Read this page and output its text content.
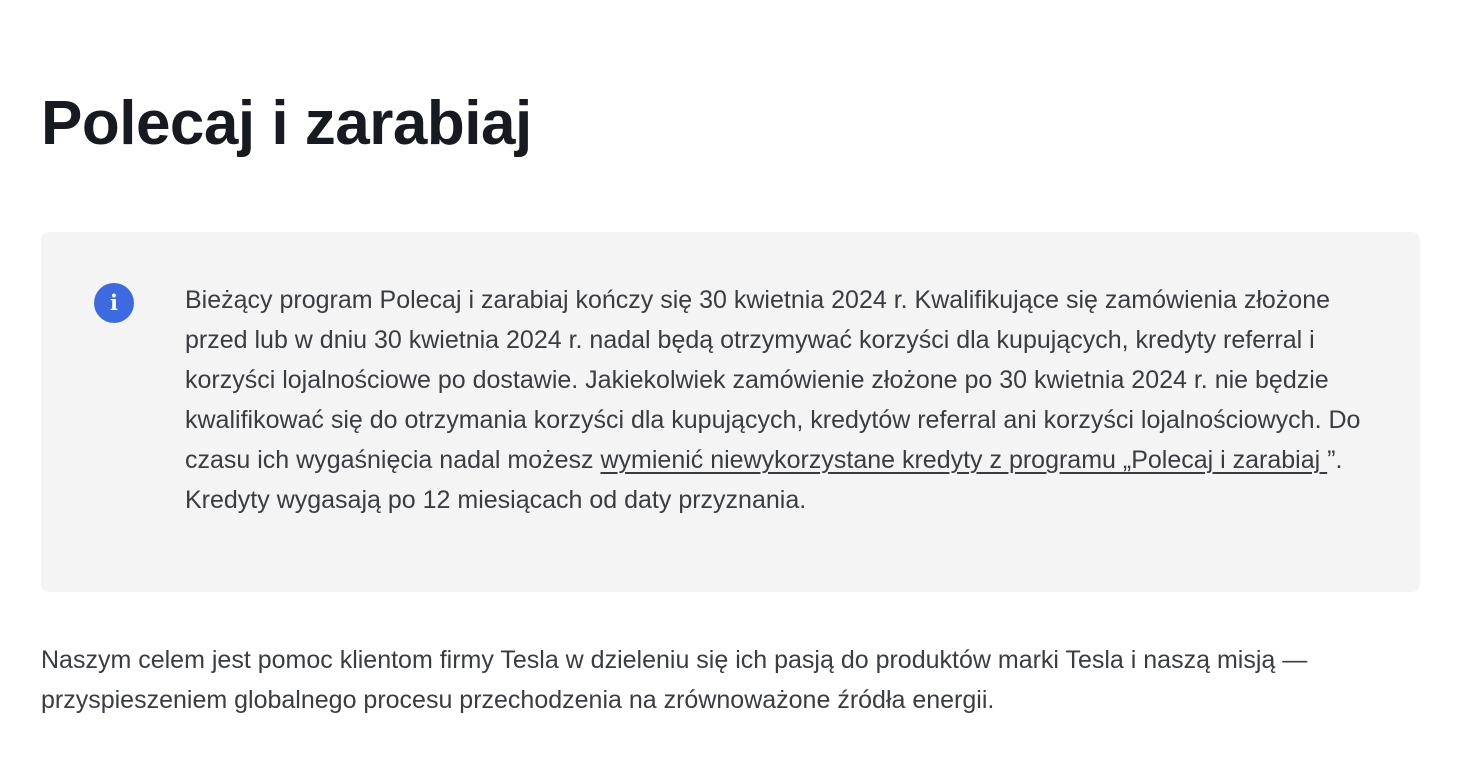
Polecaj i zarabiaj
i	Bieżący program Polecaj i zarabiaj kończy się 30 kwietnia 2024 r. Kwalifikujące się zamówienia złożone przed lub w dniu 30 kwietnia 2024 r. nadal będą otrzymywać korzyści dla kupujących, kredyty referral i korzyści lojalnościowe po dostawie. Jakiekolwiek zamówienie złożone po 30 kwietnia 2024 r. nie będzie kwalifikować się do otrzymania korzyści dla kupujących, kredytów referral ani korzyści lojalnościowych. Do czasu ich wygaśnięcia nadal możesz wymienić niewykorzystane kredyty z programu „Polecaj i zarabiaj ”. Kredyty wygasają po 12 miesiącach od daty przyznania.

Naszym celem jest pomoc klientom firmy Tesla w dzieleniu się ich pasją do produktów marki Tesla i naszą misją — przyspieszeniem globalnego procesu przechodzenia na zrównoważone źródła energii.
